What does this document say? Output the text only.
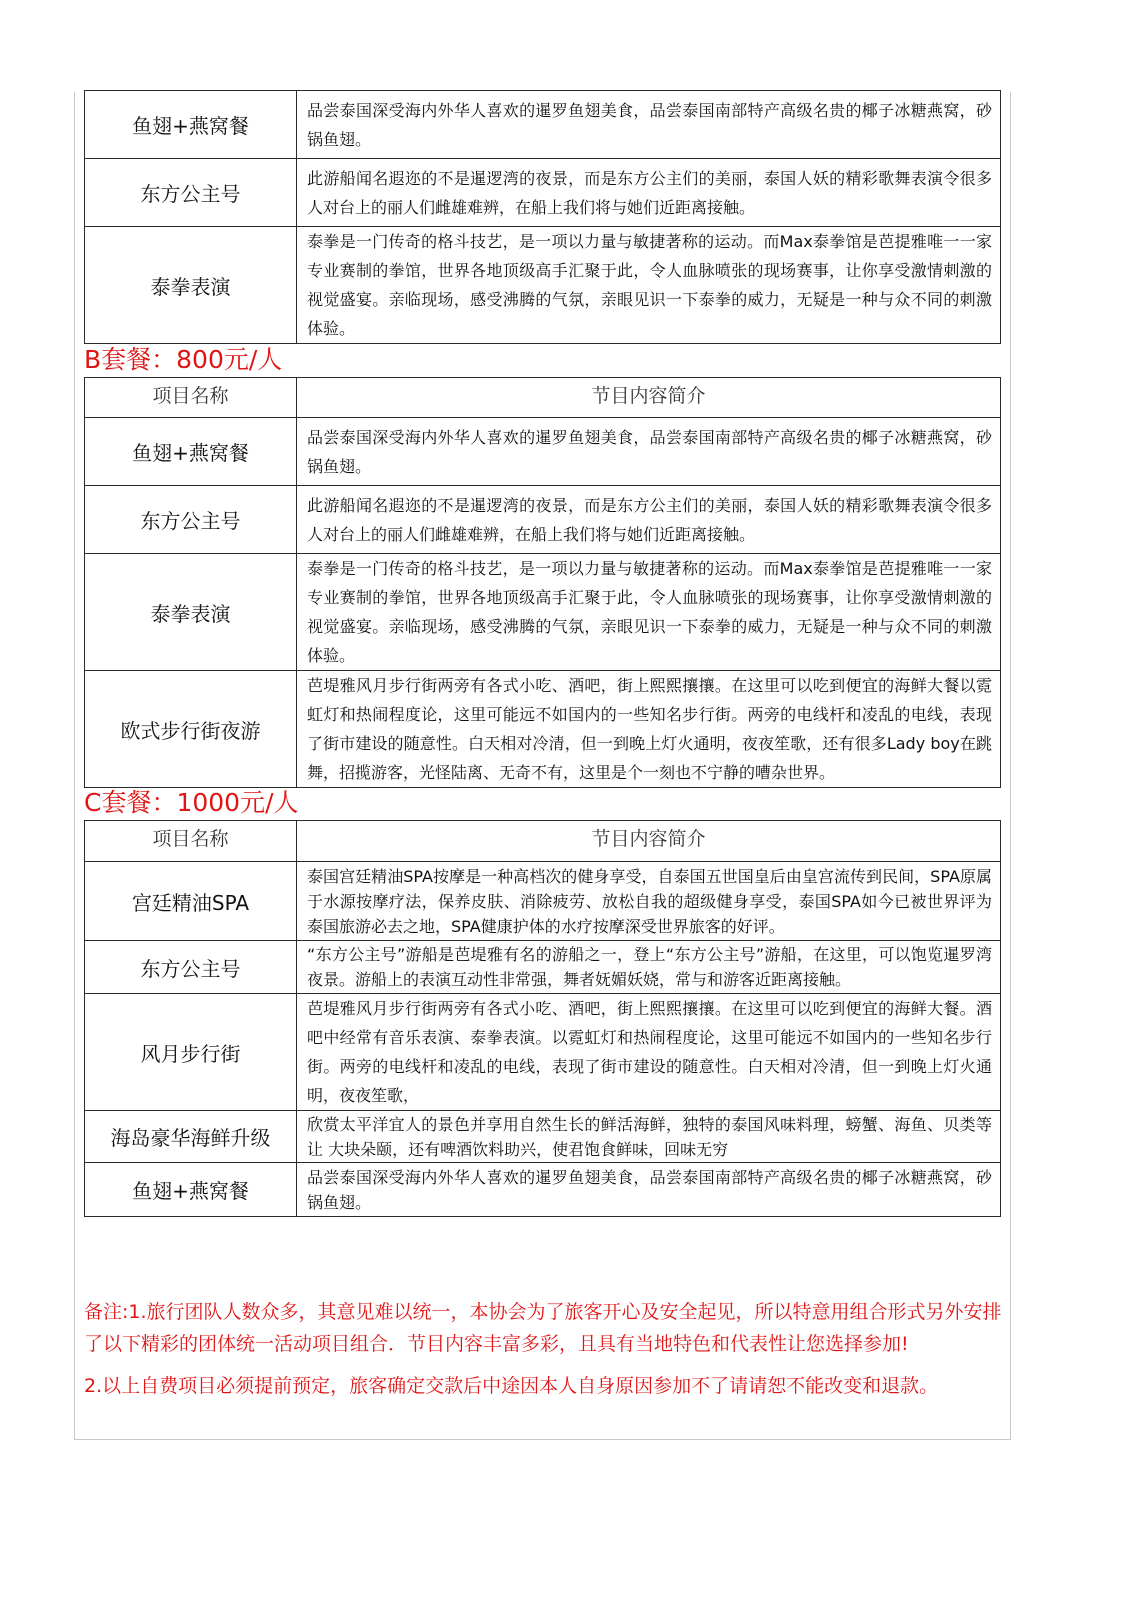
鱼翅+燕窝餐	品尝泰国深受海内外华人喜欢的暹罗鱼翅美食，品尝泰国南部特产高级名贵的椰子冰糖燕窝，砂锅鱼翅。
东方公主号	此游船闻名遐迩的不是暹逻湾的夜景，而是东方公主们的美丽，泰国人妖的精彩歌舞表演令很多人对台上的丽人们雌雄难辨，在船上我们将与她们近距离接触。
泰拳表演	泰拳是一门传奇的格斗技艺，是一项以力量与敏捷著称的运动。而Max泰拳馆是芭提雅唯一一家专业赛制的拳馆，世界各地顶级高手汇聚于此，令人血脉喷张的现场赛事，让你享受激情刺激的视觉盛宴。亲临现场，感受沸腾的气氛，亲眼见识一下泰拳的威力，无疑是一种与众不同的刺激体验。
B套餐：800元/人
项目名称	节目内容简介
鱼翅+燕窝餐	品尝泰国深受海内外华人喜欢的暹罗鱼翅美食，品尝泰国南部特产高级名贵的椰子冰糖燕窝，砂锅鱼翅。
东方公主号	此游船闻名遐迩的不是暹逻湾的夜景，而是东方公主们的美丽，泰国人妖的精彩歌舞表演令很多人对台上的丽人们雌雄难辨，在船上我们将与她们近距离接触。
泰拳表演	泰拳是一门传奇的格斗技艺，是一项以力量与敏捷著称的运动。而Max泰拳馆是芭提雅唯一一家专业赛制的拳馆，世界各地顶级高手汇聚于此，令人血脉喷张的现场赛事，让你享受激情刺激的视觉盛宴。亲临现场，感受沸腾的气氛，亲眼见识一下泰拳的威力，无疑是一种与众不同的刺激体验。
欧式步行街夜游	芭堤雅风月步行街两旁有各式小吃、酒吧，街上熙熙攘攘。在这里可以吃到便宜的海鲜大餐以霓虹灯和热闹程度论，这里可能远不如国内的一些知名步行街。两旁的电线杆和凌乱的电线，表现了街市建设的随意性。白天相对冷清，但一到晚上灯火通明，夜夜笙歌，还有很多Lady boy在跳舞，招揽游客，光怪陆离、无奇不有，这里是个一刻也不宁静的嘈杂世界。
C套餐：1000元/人
项目名称	节目内容简介
宫廷精油SPA	泰国宫廷精油SPA按摩是一种高档次的健身享受，自泰国五世国皇后由皇宫流传到民间，SPA原属于水源按摩疗法，保养皮肤、消除疲劳、放松自我的超级健身享受，泰国SPA如今已被世界评为泰国旅游必去之地，SPA健康护体的水疗按摩深受世界旅客的好评。
东方公主号	“东方公主号”游船是芭堤雅有名的游船之一，登上“东方公主号”游船，在这里，可以饱览暹罗湾夜景。游船上的表演互动性非常强，舞者妩媚妖娆，常与和游客近距离接触。
风月步行街	芭堤雅风月步行街两旁有各式小吃、酒吧，街上熙熙攘攘。在这里可以吃到便宜的海鲜大餐。酒吧中经常有音乐表演、泰拳表演。以霓虹灯和热闹程度论，这里可能远不如国内的一些知名步行街。两旁的电线杆和凌乱的电线，表现了街市建设的随意性。白天相对冷清，但一到晚上灯火通明，夜夜笙歌，
海岛豪华海鲜升级	欣赏太平洋宜人的景色并享用自然生长的鲜活海鲜，独特的泰国风味料理，螃蟹、海鱼、贝类等让 大块朵颐，还有啤酒饮料助兴，使君饱食鲜味，回味无穷
鱼翅+燕窝餐	品尝泰国深受海内外华人喜欢的暹罗鱼翅美食，品尝泰国南部特产高级名贵的椰子冰糖燕窝，砂锅鱼翅。
备注:1.旅行团队人数众多，其意见难以统一，本协会为了旅客开心及安全起见，所以特意用组合形式另外安排了以下精彩的团体统一活动项目组合．节目内容丰富多彩，且具有当地特色和代表性让您选择参加!
2.以上自费项目必须提前预定，旅客确定交款后中途因本人自身原因参加不了请请恕不能改变和退款。
